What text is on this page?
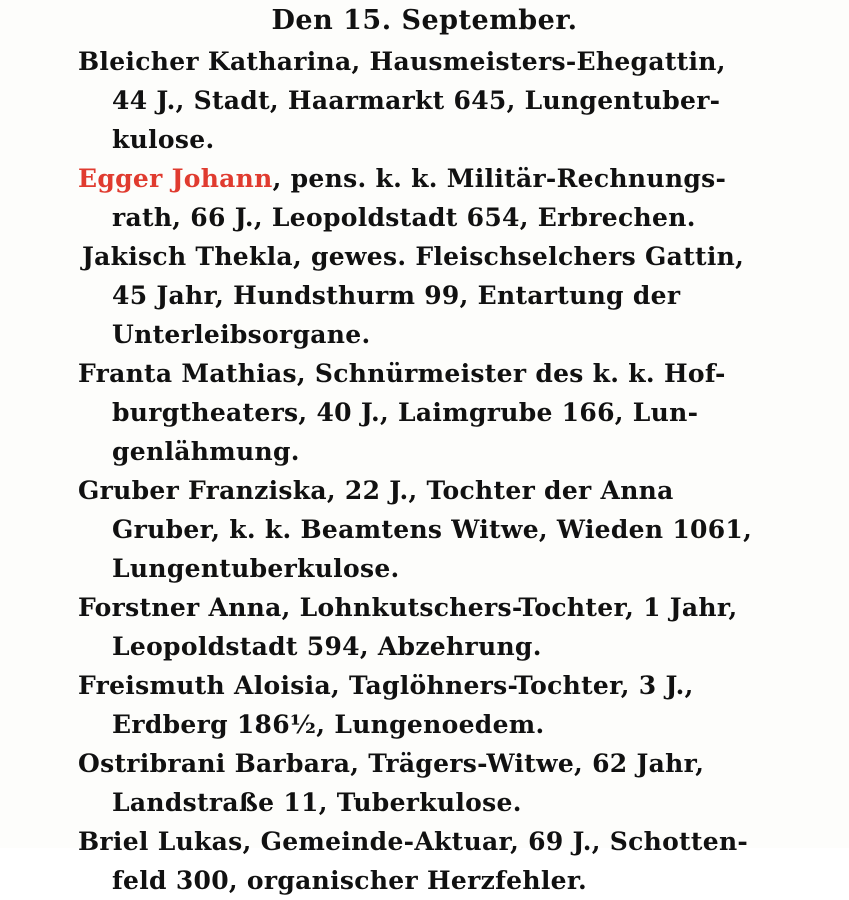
Den 15. September.
Bleicher Katharina, Hausmeisters-Ehegattin,
44 J., Stadt, Haarmarkt 645, Lungentuber-
kulose.
Egger Johann, pens. k. k. Militär-Rechnungs-
rath, 66 J., Leopoldstadt 654, Erbrechen.
Jakisch Thekla, gewes. Fleischselchers Gattin,
45 Jahr, Hundsthurm 99, Entartung der
Unterleibsorgane.
Franta Mathias, Schnürmeister des k. k. Hof-
burgtheaters, 40 J., Laimgrube 166, Lun-
genlähmung.
Gruber Franziska, 22 J., Tochter der Anna
Gruber, k. k. Beamtens Witwe, Wieden 1061,
Lungentuberkulose.
Forstner Anna, Lohnkutschers-Tochter, 1 Jahr,
Leopoldstadt 594, Abzehrung.
Freismuth Aloisia, Taglöhners-Tochter, 3 J.,
Erdberg 186½, Lungenoedem.
Ostribrani Barbara, Trägers-Witwe, 62 Jahr,
Landstraße 11, Tuberkulose.
Briel Lukas, Gemeinde-Aktuar, 69 J., Schotten-
feld 300, organischer Herzfehler.
